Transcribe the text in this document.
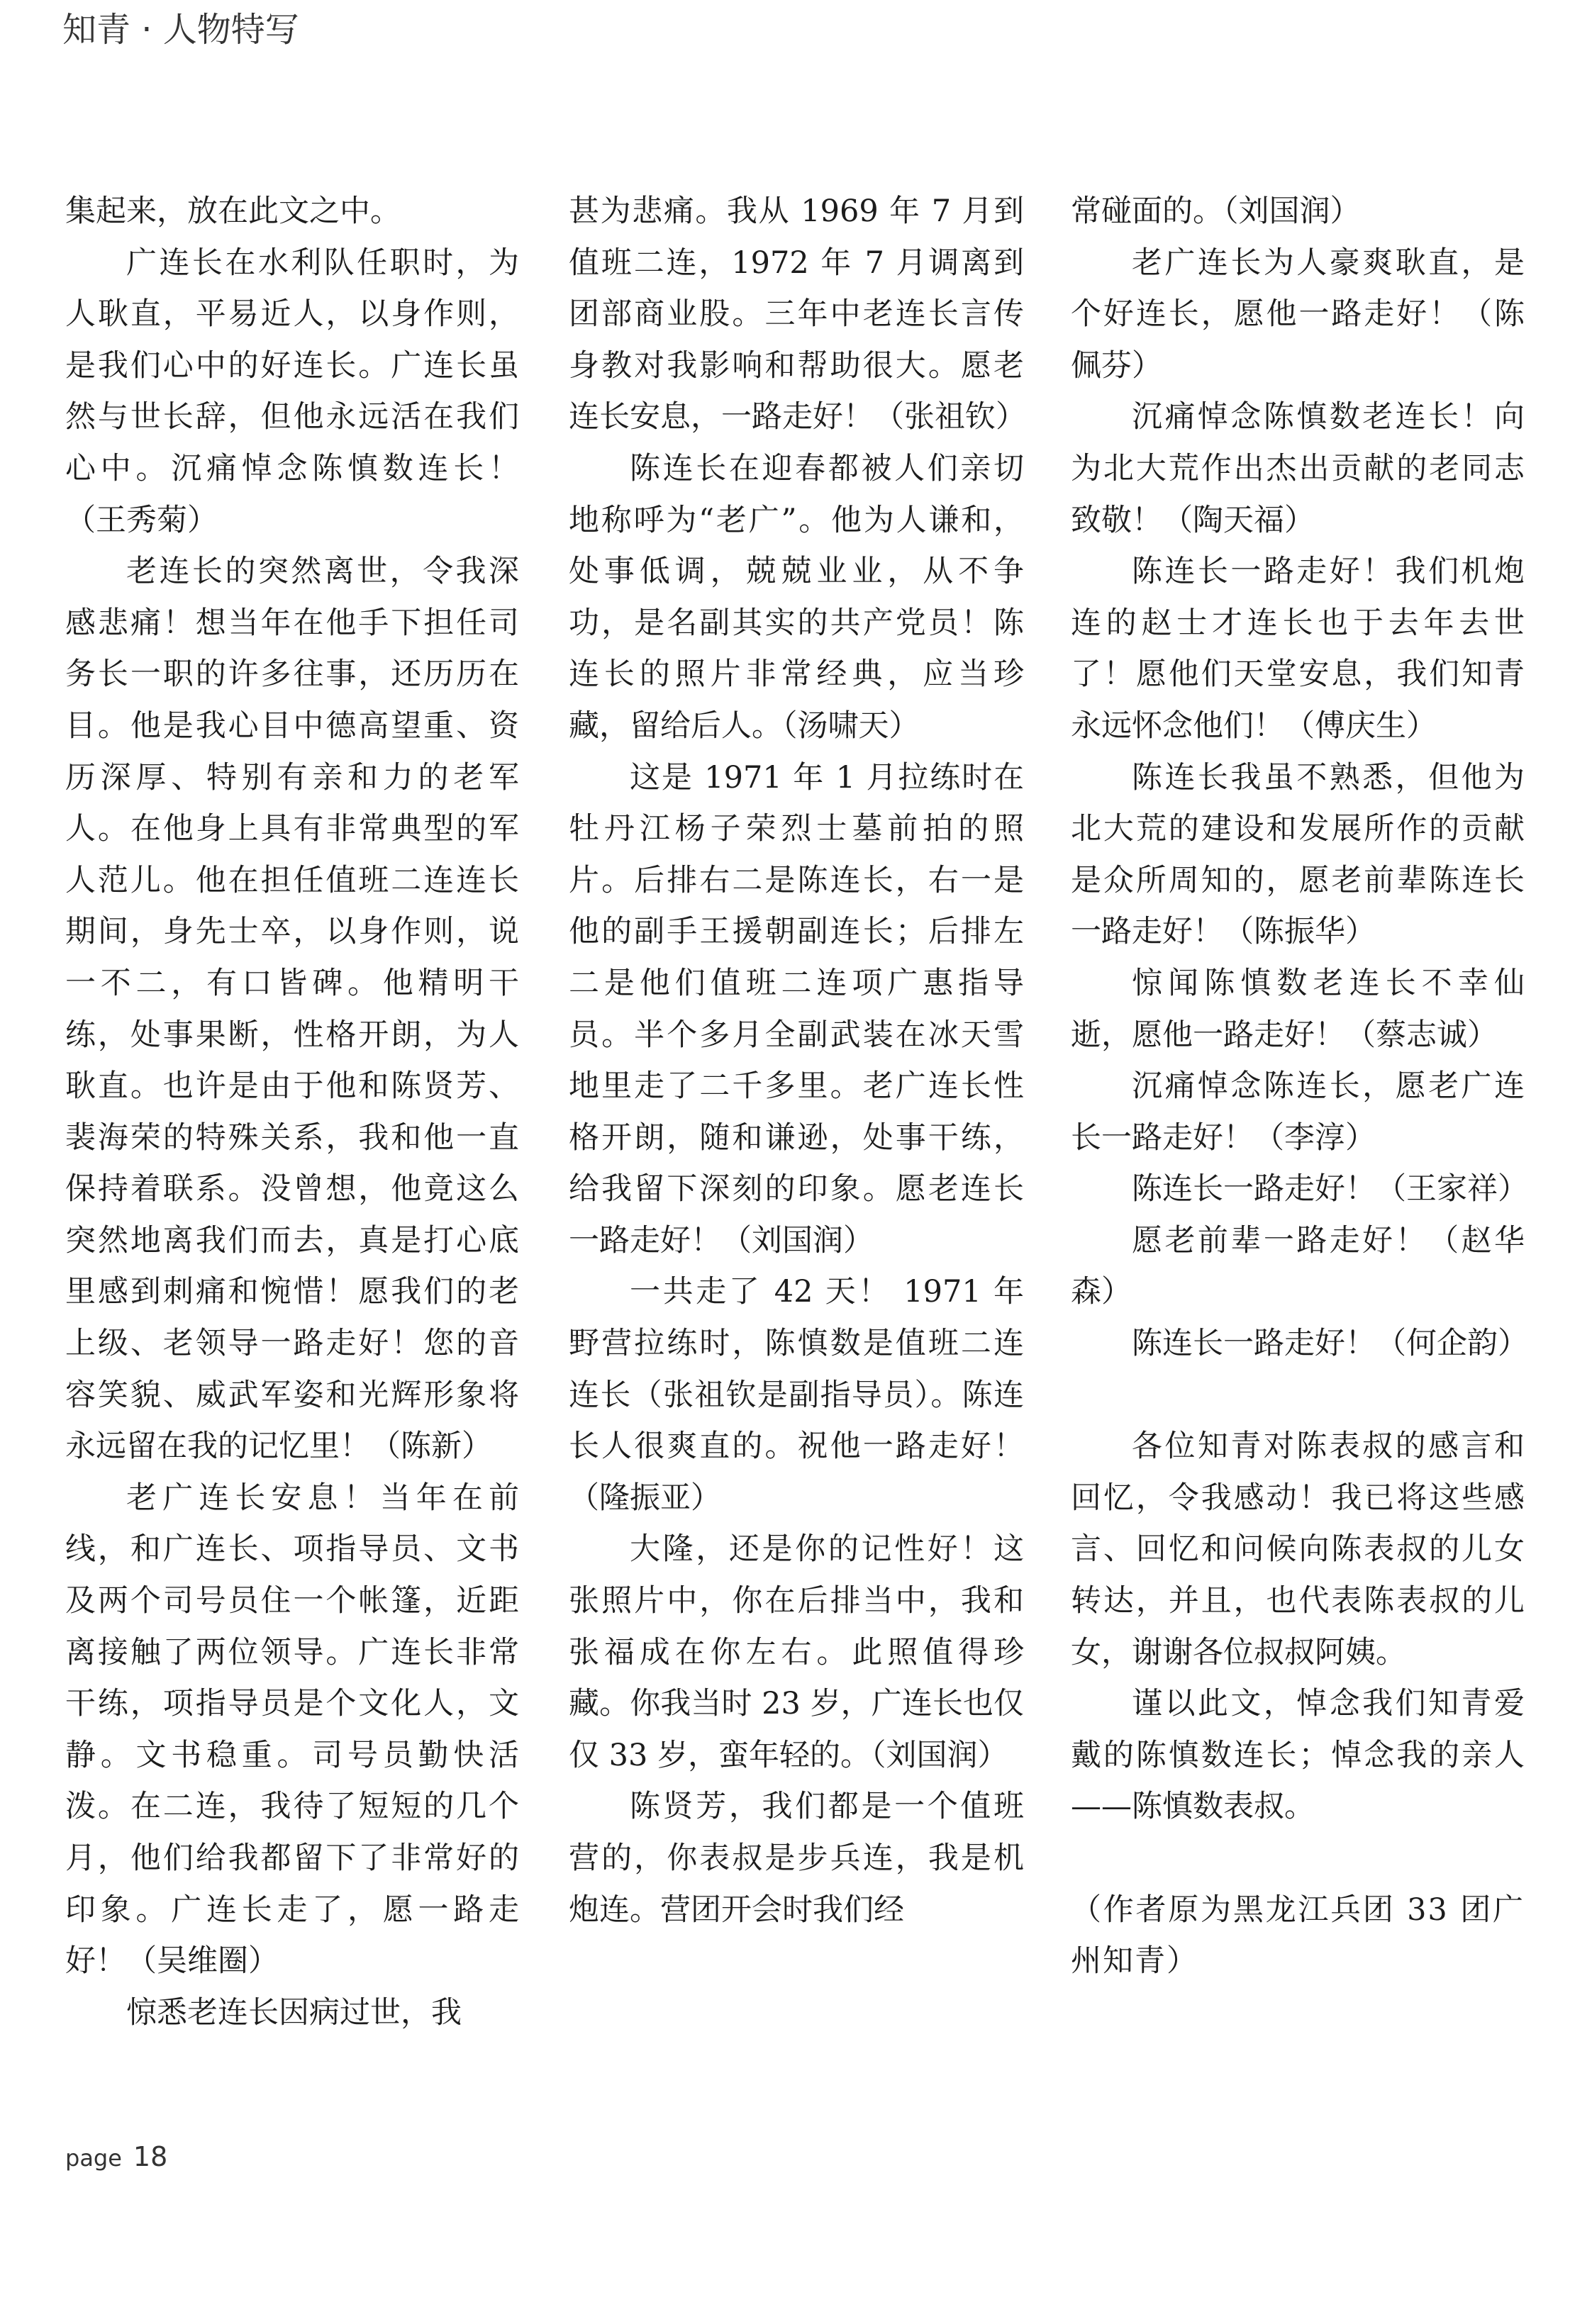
知青 · 人物特写

集起来，放在此文之中。

广连长在水利队任职时，为人耿直，平易近人，以身作则，是我们心中的好连长。广连长虽然与世长辞，但他永远活在我们心中。沉痛悼念陈慎数连长！（王秀菊）

老连长的突然离世，令我深感悲痛！想当年在他手下担任司务长一职的许多往事，还历历在目。他是我心目中德高望重、资历深厚、特别有亲和力的老军人。在他身上具有非常典型的军人范儿。他在担任值班二连连长期间，身先士卒，以身作则，说一不二，有口皆碑。他精明干练，处事果断，性格开朗，为人耿直。也许是由于他和陈贤芳、裴海荣的特殊关系，我和他一直保持着联系。没曾想，他竟这么突然地离我们而去，真是打心底里感到刺痛和惋惜！愿我们的老上级、老领导一路走好！您的音容笑貌、威武军姿和光辉形象将永远留在我的记忆里！（陈新）

老广连长安息！当年在前线，和广连长、项指导员、文书及两个司号员住一个帐篷，近距离接触了两位领导。广连长非常干练，项指导员是个文化人，文静。文书稳重。司号员勤快活泼。在二连，我待了短短的几个月，他们给我都留下了非常好的印象。广连长走了，愿一路走好！（吴维圈）

惊悉老连长因病过世，我

甚为悲痛。我从 1969 年 7 月到值班二连，1972 年 7 月调离到团部商业股。三年中老连长言传身教对我影响和帮助很大。愿老连长安息，一路走好！（张祖钦）

陈连长在迎春都被人们亲切地称呼为“老广”。他为人谦和，处事低调，兢兢业业，从不争功，是名副其实的共产党员！陈连长的照片非常经典，应当珍藏，留给后人。（汤啸天）

这是 1971 年 1 月拉练时在牡丹江杨子荣烈士墓前拍的照片。后排右二是陈连长，右一是他的副手王援朝副连长；后排左二是他们值班二连项广惠指导员。半个多月全副武装在冰天雪地里走了二千多里。老广连长性格开朗，随和谦逊，处事干练，给我留下深刻的印象。愿老连长一路走好！（刘国润）

一共走了 42 天！ 1971 年野营拉练时，陈慎数是值班二连连长（张祖钦是副指导员）。陈连长人很爽直的。祝他一路走好！（隆振亚）

大隆，还是你的记性好！这张照片中，你在后排当中，我和张福成在你左右。此照值得珍藏。你我当时 23 岁，广连长也仅仅 33 岁，蛮年轻的。（刘国润）

陈贤芳，我们都是一个值班营的，你表叔是步兵连，我是机炮连。营团开会时我们经

常碰面的。（刘国润）

老广连长为人豪爽耿直，是个好连长，愿他一路走好！（陈佩芬）

沉痛悼念陈慎数老连长！向为北大荒作出杰出贡献的老同志致敬！（陶天福）

陈连长一路走好！我们机炮连的赵士才连长也于去年去世了！愿他们天堂安息，我们知青永远怀念他们！（傅庆生）

陈连长我虽不熟悉，但他为北大荒的建设和发展所作的贡献是众所周知的，愿老前辈陈连长一路走好！（陈振华）

惊闻陈慎数老连长不幸仙逝，愿他一路走好！（蔡志诚）

沉痛悼念陈连长，愿老广连长一路走好！（李淳）

陈连长一路走好！（王家祥）

愿老前辈一路走好！（赵华森）

陈连长一路走好！（何企韵）

各位知青对陈表叔的感言和回忆，令我感动！我已将这些感言、回忆和问候向陈表叔的儿女转达，并且，也代表陈表叔的儿女，谢谢各位叔叔阿姨。

谨以此文，悼念我们知青爱戴的陈慎数连长；悼念我的亲人——陈慎数表叔。

（作者原为黑龙江兵团 33 团广州知青）

page 18
